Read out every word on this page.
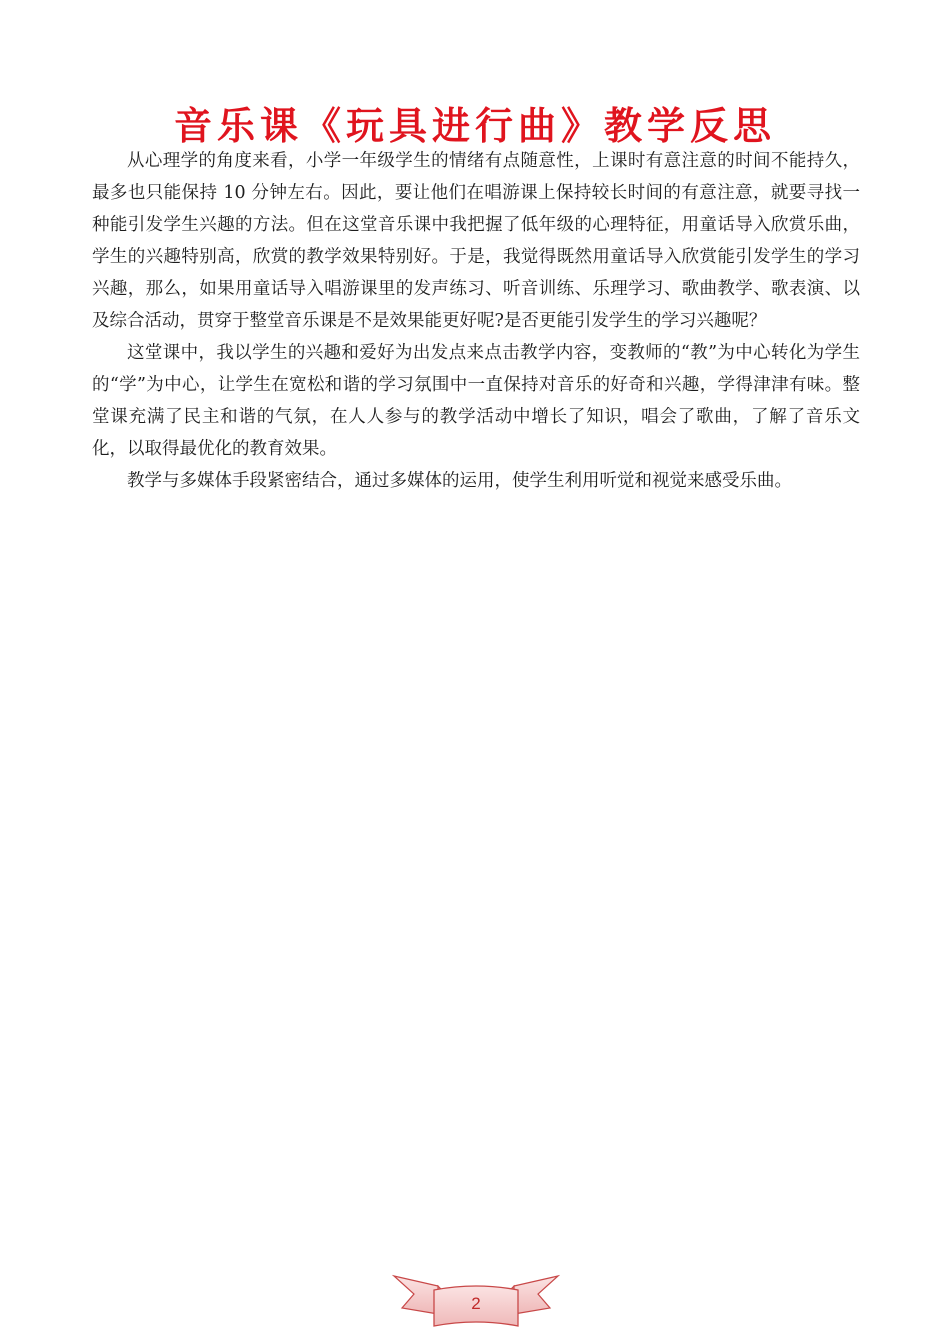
音乐课《玩具进行曲》教学反思

从心理学的角度来看，小学一年级学生的情绪有点随意性，上课时有意注意的时间不能持久，最多也只能保持 10 分钟左右。因此，要让他们在唱游课上保持较长时间的有意注意，就要寻找一种能引发学生兴趣的方法。但在这堂音乐课中我把握了低年级的心理特征，用童话导入欣赏乐曲，学生的兴趣特别高，欣赏的教学效果特别好。于是，我觉得既然用童话导入欣赏能引发学生的学习兴趣，那么，如果用童话导入唱游课里的发声练习、听音训练、乐理学习、歌曲教学、歌表演、以及综合活动，贯穿于整堂音乐课是不是效果能更好呢?是否更能引发学生的学习兴趣呢？

这堂课中，我以学生的兴趣和爱好为出发点来点击教学内容，变教师的“教”为中心转化为学生的“学”为中心，让学生在宽松和谐的学习氛围中一直保持对音乐的好奇和兴趣，学得津津有味。整堂课充满了民主和谐的气氛，在人人参与的教学活动中增长了知识，唱会了歌曲，了解了音乐文化，以取得最优化的教育效果。

教学与多媒体手段紧密结合，通过多媒体的运用，使学生利用听觉和视觉来感受乐曲。

2
